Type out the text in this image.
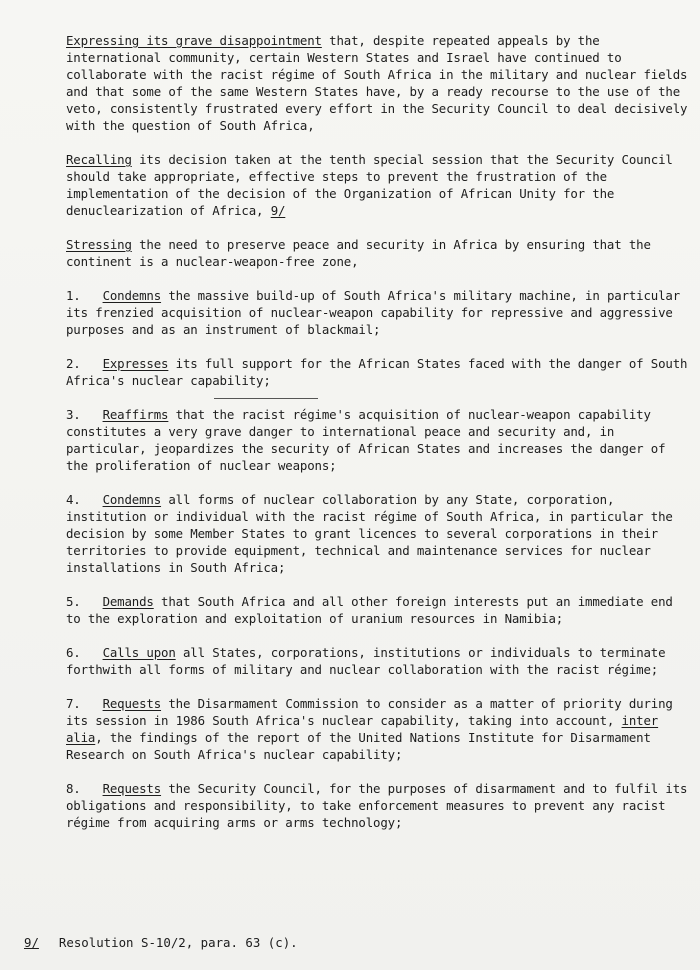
Expressing its grave disappointment that, despite repeated appeals by the international community, certain Western States and Israel have continued to collaborate with the racist régime of South Africa in the military and nuclear fields and that some of the same Western States have, by a ready recourse to the use of the veto, consistently frustrated every effort in the Security Council to deal decisively with the question of South Africa,

Recalling its decision taken at the tenth special session that the Security Council should take appropriate, effective steps to prevent the frustration of the implementation of the decision of the Organization of African Unity for the denuclearization of Africa, 9/

Stressing the need to preserve peace and security in Africa by ensuring that the continent is a nuclear-weapon-free zone,

1. Condemns the massive build-up of South Africa's military machine, in particular its frenzied acquisition of nuclear-weapon capability for repressive and aggressive purposes and as an instrument of blackmail;

2. Expresses its full support for the African States faced with the danger of South Africa's nuclear capability;

3. Reaffirms that the racist régime's acquisition of nuclear-weapon capability constitutes a very grave danger to international peace and security and, in particular, jeopardizes the security of African States and increases the danger of the proliferation of nuclear weapons;

4. Condemns all forms of nuclear collaboration by any State, corporation, institution or individual with the racist régime of South Africa, in particular the decision by some Member States to grant licences to several corporations in their territories to provide equipment, technical and maintenance services for nuclear installations in South Africa;

5. Demands that South Africa and all other foreign interests put an immediate end to the exploration and exploitation of uranium resources in Namibia;

6. Calls upon all States, corporations, institutions or individuals to terminate forthwith all forms of military and nuclear collaboration with the racist régime;

7. Requests the Disarmament Commission to consider as a matter of priority during its session in 1986 South Africa's nuclear capability, taking into account, inter alia, the findings of the report of the United Nations Institute for Disarmament Research on South Africa's nuclear capability;

8. Requests the Security Council, for the purposes of disarmament and to fulfil its obligations and responsibility, to take enforcement measures to prevent any racist régime from acquiring arms or arms technology;

9/ Resolution S-10/2, para. 63 (c).
